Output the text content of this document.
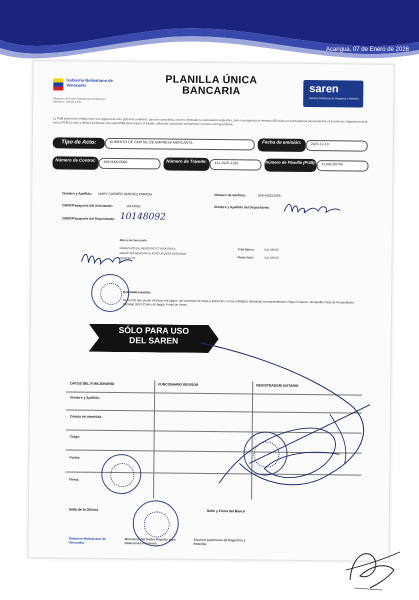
Acarigua, 07 de Enero de 2026
Gobierno Bolivariano de Venezuela
Ministerio del Poder Popular para Relaciones Interiores, Justicia y Paz
PLANILLA ÚNICA
BANCARIA	saren
Servicio Autónomo de Registros y Notarías
La PUB deberá ser emitida tiene una vigencia de diez (10) días continuos, para ser cancelada, una vez efectuado la cancelación respectiva, tiene una vigencia de sesenta (60) días con prerrogativas para presentar el documento. Agradecemos la nota la PUB en todo y deberá archivarse una copia PUB para realizar el trámite, debiendo cancelarse nuevamente el monto correspondiente.
Tipo de Acto:	AUMENTO DE CAPITAL DE EMPRESA MERCANTIL	Fecha de emisión:	2025-12-10
Número de Control:	488-0000-0000	Número de Trámite:	411.2025.4.581	Número de Planilla (PUB):	41100100758
Nombre y Apellido: MARY CARMEN JIMENEZ PARADA	Número de teléfono:	(0414)5612855
CI/RIF/Pasaporte del Solicitante:	10143092	Nombre y Apellido del Depositante:
CI/RIF/Pasaporte del Depositante: 10148092
Banco de Venezuela
DERECHOS DE REGISTRO O TASA ÚNICA
REGISTRO MERCANTIL PORTUGUESA SEGUNDO
CONCEPTO
Total Banco:	841.288,00
Monto total:	841.288,00
Estimado usuario,
Recuerde que puede efectuar sus pagos, por concepto de tasas y aranceles, en las entidades bancarias correspondientes, Pago en Banco, Ventanilla Única de Recaudación, Consigo (B/V) (Cobro de pago), Punto de Venta
SÓLO PARA USO
DEL SAREN
DATOS DEL FUNCIONARIO	FUNCIONARIO REVISOR	REGISTRADOR/ NOTARIO
Nombre y Apellido:
Cédula de Identidad:
Cargo:
Fecha:
Firma:
Sello de la Oficina	Sello y Firma del Banco
Gobierno Bolivariano de Venezuela
Ministerio del Poder Popular para Relaciones Interiores
Servicio Autónomo de Registros y Notarías
